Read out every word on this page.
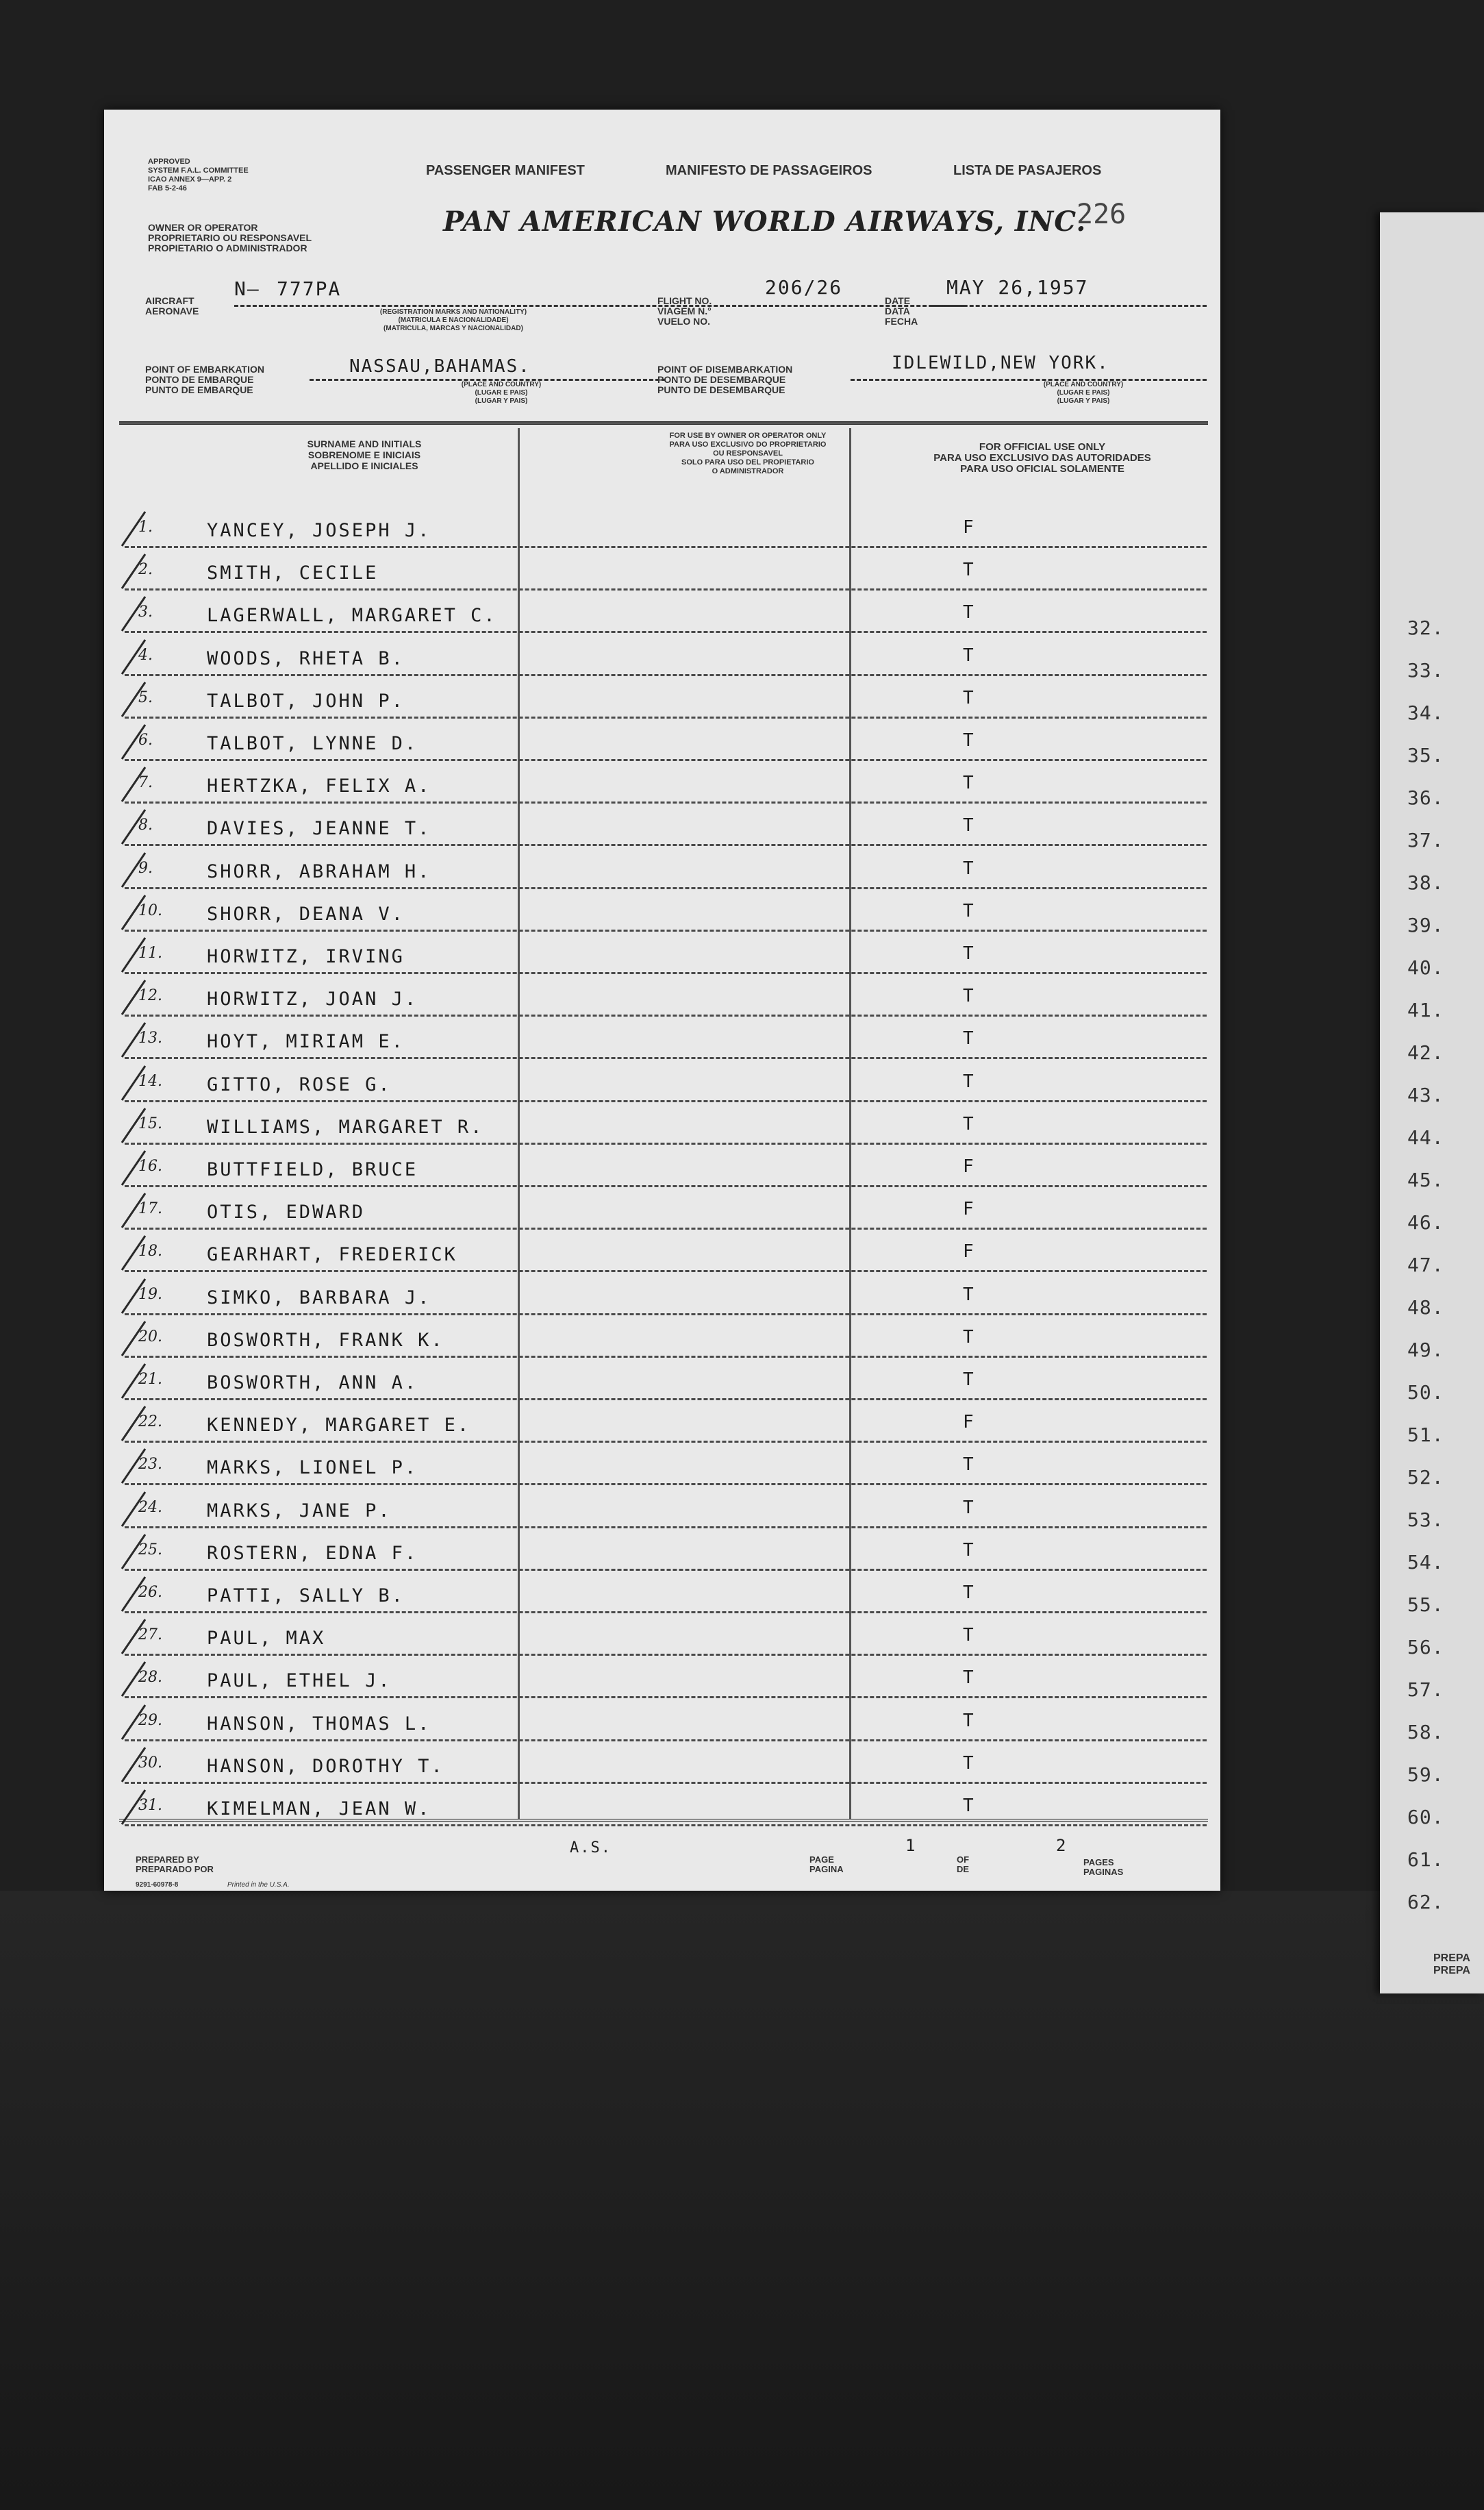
32.
33.
34.
35.
36.
37.
38.
39.
40.
41.
42.
43.
44.
45.
46.
47.
48.
49.
50.
51.
52.
53.
54.
55.
56.
57.
58.
59.
60.
61.
62.
PREPA
PREPA
APPROVED
SYSTEM F.A.L. COMMITTEE
ICAO ANNEX 9—APP. 2
FAB 5-2-46
OWNER OR OPERATOR
PROPRIETARIO OU RESPONSAVEL
PROPIETARIO O ADMINISTRADOR
PASSENGER MANIFEST	MANIFESTO DE PASSAGEIROS	LISTA DE PASAJEROS
PAN AMERICAN WORLD AIRWAYS, INC.
226
AIRCRAFT
AERONAVE
N— 777PA
(REGISTRATION MARKS AND NATIONALITY)
(MATRICULA E NACIONALIDADE)
(MATRICULA, MARCAS Y NACIONALIDAD)
FLIGHT NO.
VIAGEM N.°
VUELO NO.
206/26
DATE
DATA
FECHA
MAY 26,1957
POINT OF EMBARKATION
PONTO DE EMBARQUE
PUNTO DE EMBARQUE
NASSAU,BAHAMAS.
(PLACE AND COUNTRY)
(LUGAR E PAIS)
(LUGAR Y PAIS)
POINT OF DISEMBARKATION
PONTO DE DESEMBARQUE
PUNTO DE DESEMBARQUE
IDLEWILD,NEW YORK.
(PLACE AND COUNTRY)
(LUGAR E PAIS)
(LUGAR Y PAIS)
SURNAME AND INITIALS
SOBRENOME E INICIAIS
APELLIDO E INICIALES
FOR USE BY OWNER OR OPERATOR ONLY
PARA USO EXCLUSIVO DO PROPRIETARIO
OU RESPONSAVEL
SOLO PARA USO DEL PROPIETARIO
O ADMINISTRADOR
FOR OFFICIAL USE ONLY
PARA USO EXCLUSIVO DAS AUTORIDADES
PARA USO OFICIAL SOLAMENTE
1.	YANCEY, JOSEPH J.	F
2.	SMITH, CECILE	T
3.	LAGERWALL, MARGARET C.	T
4.	WOODS, RHETA B.	T
5.	TALBOT, JOHN P.	T
6.	TALBOT, LYNNE D.	T
7.	HERTZKA, FELIX A.	T
8.	DAVIES, JEANNE T.	T
9.	SHORR, ABRAHAM H.	T
10. SHORR, DEANA V.	T
11. HORWITZ, IRVING	T
12. HORWITZ, JOAN J.	T
13. HOYT, MIRIAM E.	T
14. GITTO, ROSE G.	T
15. WILLIAMS, MARGARET R.	T
16. BUTTFIELD, BRUCE	F
17. OTIS, EDWARD	F
18. GEARHART, FREDERICK	F
19. SIMKO, BARBARA J.	T
20. BOSWORTH, FRANK K.	T
21. BOSWORTH, ANN A.	T
22. KENNEDY, MARGARET E.	F
23. MARKS, LIONEL P.	T
24. MARKS, JANE P.	T
25. ROSTERN, EDNA F.	T
26. PATTI, SALLY B.	T
27. PAUL, MAX	T
28. PAUL, ETHEL J.	T
29. HANSON, THOMAS L.	T
30. HANSON, DOROTHY T.	T
31. KIMELMAN, JEAN W.	T
PREPARED BY
PREPARADO POR
A.S.
9291-60978-8	Printed in the U.S.A.
PAGE
PAGINA
1
OF
DE
2
PAGES
PAGINAS
